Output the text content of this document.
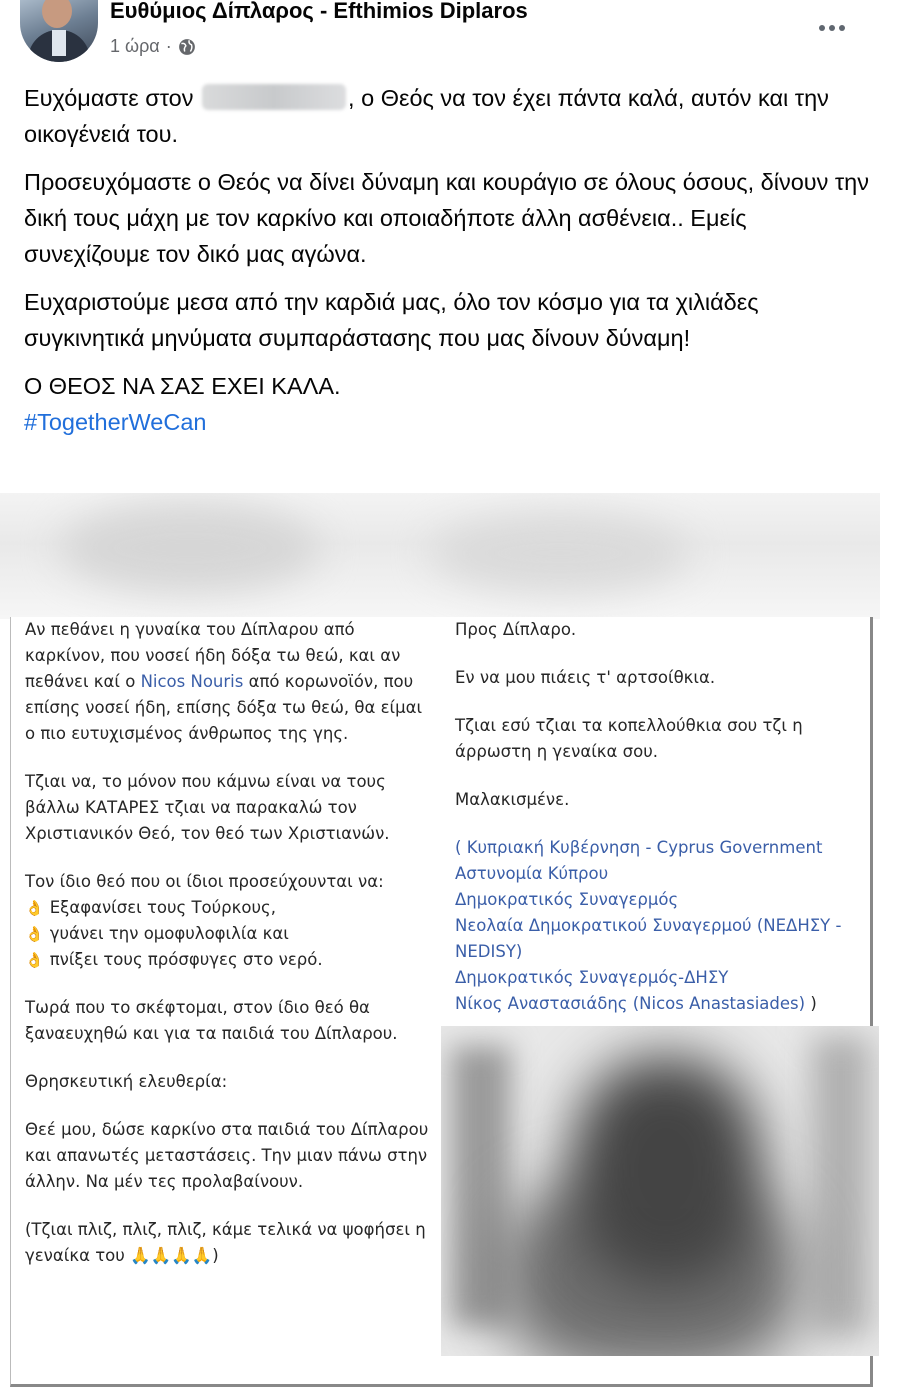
Ευθύμιος Δίπλαρος - Efthimios Diplaros
1 ώρα ·

Ευχόμαστε στον	, ο Θεός να τον έχει πάντα καλά, αυτόν και την οικογένειά του.

Προσευχόμαστε ο Θεός να δίνει δύναμη και κουράγιο σε όλους όσους, δίνουν την δική τους μάχη με τον καρκίνο και οποιαδήποτε άλλη ασθένεια.. Εμείς συνεχίζουμε τον δικό μας αγώνα.

Ευχαριστούμε μεσα από την καρδιά μας, όλο τον κόσμο για τα χιλιάδες συγκινητικά μηνύματα συμπαράστασης που μας δίνουν δύναμη!

Ο ΘΕΟΣ ΝΑ ΣΑΣ ΕΧΕΙ ΚΑΛΑ.

#TogetherWeCan

Αν πεθάνει η γυναίκα του Δίπλαρου από καρκίνον, που νοσεί ήδη δόξα τω θεώ, και αν πεθάνει καί ο Nicos Nouris από κορωνοϊόν, που επίσης νοσεί ήδη, επίσης δόξα τω θεώ, θα είμαι ο πιο ευτυχισμένος άνθρωπος της γης.

Τζιαι να, το μόνον που κάμνω είναι να τους βάλλω ΚΑΤΑΡΕΣ τζιαι να παρακαλώ τον Χριστιανικόν Θεό, τον θεό των Χριστιανών.

Τον ίδιο θεό που οι ίδιοι προσεύχουνται να:
👌 Εξαφανίσει τους Τούρκους,
👌 γυάνει την ομοφυλοφιλία και
👌 πνίξει τους πρόσφυγες στο νερό.

Τωρά που το σκέφτομαι, στον ίδιο θεό θα ξαναευχηθώ και για τα παιδιά του Δίπλαρου.

Θρησκευτική ελευθερία:

Θεέ μου, δώσε καρκίνο στα παιδιά του Δίπλαρου και απανωτές μεταστάσεις. Την μιαν πάνω στην άλλην. Να μέν τες προλαβαίνουν.

(Τζιαι πλιζ, πλιζ, πλιζ, κάμε τελικά να ψοφήσει η γεναίκα του 🙏🙏🙏🙏)

Προς Δίπλαρο.

Εν να μου πιάεις τ' αρτσοίθκια.

Τζιαι εσύ τζιαι τα κοπελλούθκια σου τζι η άρρωστη η γεναίκα σου.

Μαλακισμένε.

( Κυπριακή Κυβέρνηση - Cyprus Government
Αστυνομία Κύπρου
Δημοκρατικός Συναγερμός
Νεολαία Δημοκρατικού Συναγερμού (ΝΕΔΗΣΥ - NEDISY)
Δημοκρατικός Συναγερμός-ΔΗΣΥ
Νίκος Αναστασιάδης (Nicos Anastasiades) )
